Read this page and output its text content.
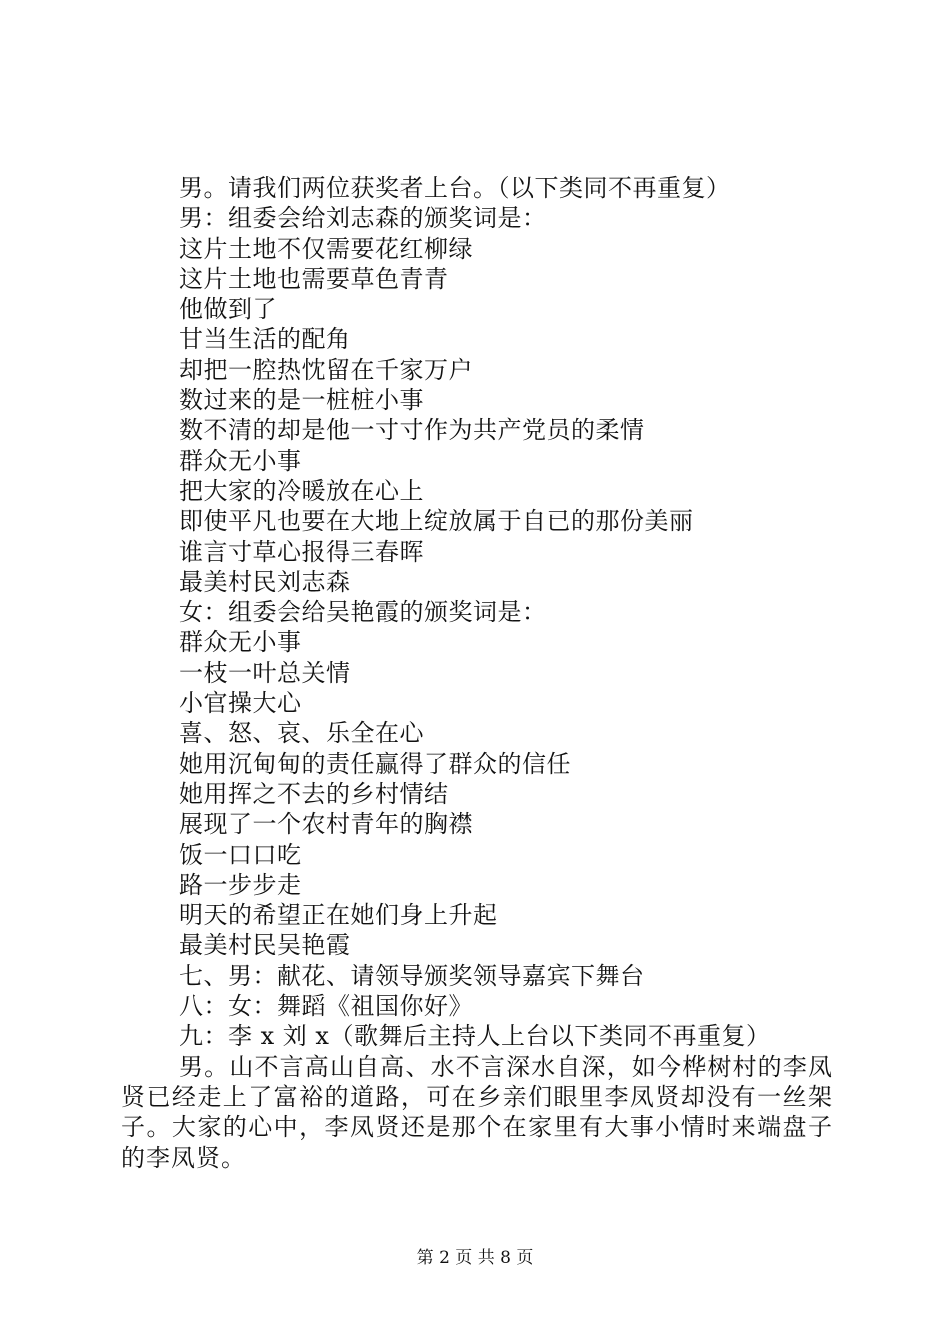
男。请我们两位获奖者上台。（以下类同不再重复）
男：组委会给刘志森的颁奖词是：
这片土地不仅需要花红柳绿
这片土地也需要草色青青
他做到了
甘当生活的配角
却把一腔热忱留在千家万户
数过来的是一桩桩小事
数不清的却是他一寸寸作为共产党员的柔情
群众无小事
把大家的冷暖放在心上
即使平凡也要在大地上绽放属于自已的那份美丽
谁言寸草心报得三春晖
最美村民刘志森
女：组委会给吴艳霞的颁奖词是：
群众无小事
一枝一叶总关情
小官操大心
喜、怒、哀、乐全在心
她用沉甸甸的责任赢得了群众的信任
她用挥之不去的乡村情结
展现了一个农村青年的胸襟
饭一口口吃
路一步步走
明天的希望正在她们身上升起
最美村民吴艳霞
七、男：献花、请领导颁奖领导嘉宾下舞台
八：女：舞蹈《祖国你好》
九：李 x 刘 x（歌舞后主持人上台以下类同不再重复）

男。山不言高山自高、水不言深水自深，如今桦树村的李凤贤已经走上了富裕的道路，可在乡亲们眼里李凤贤却没有一丝架子。大家的心中，李凤贤还是那个在家里有大事小情时来端盘子的李凤贤。

第 2 页 共 8 页
